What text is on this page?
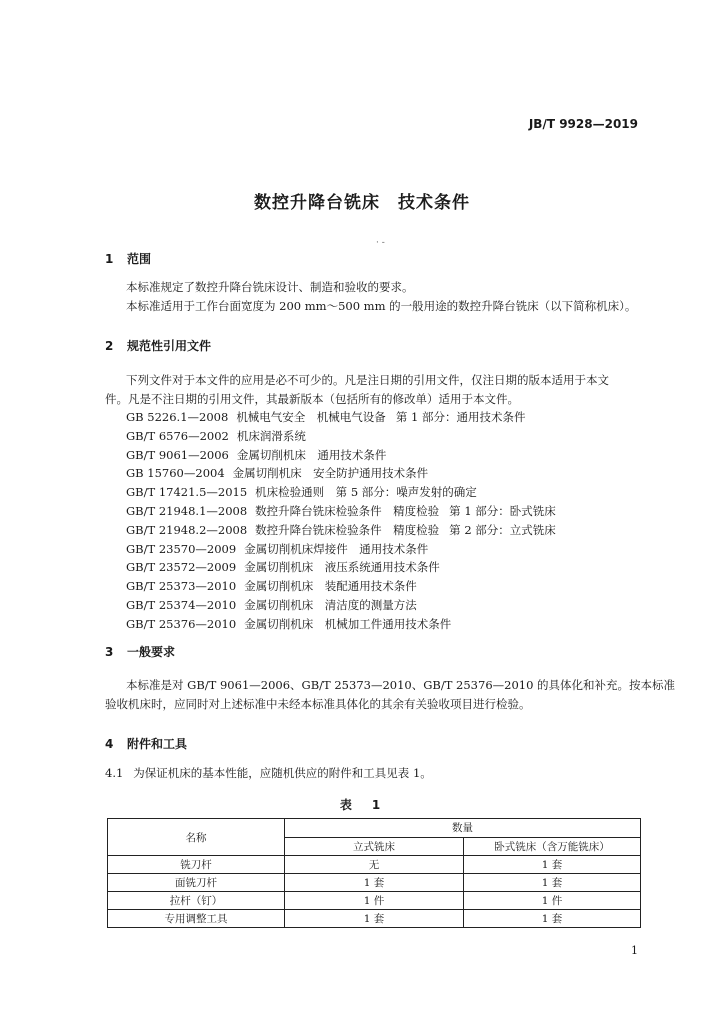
JB/T 9928—2019
数控升降台铣床　技术条件
· -
1 范围
本标准规定了数控升降台铣床设计、制造和验收的要求。
本标准适用于工作台面宽度为 200 mm～500 mm 的一般用途的数控升降台铣床（以下简称机床）。
2 规范性引用文件
下列文件对于本文件的应用是必不可少的。凡是注日期的引用文件，仅注日期的版本适用于本文
件。凡是不注日期的引用文件，其最新版本（包括所有的修改单）适用于本文件。
GB 5226.1—2008 机械电气安全　机械电气设备 第 1 部分：通用技术条件
GB/T 6576—2002 机床润滑系统
GB/T 9061—2006 金属切削机床　通用技术条件
GB 15760—2004 金属切削机床　安全防护通用技术条件
GB/T 17421.5—2015 机床检验通则　第 5 部分：噪声发射的确定
GB/T 21948.1—2008 数控升降台铣床检验条件　精度检验 第 1 部分：卧式铣床
GB/T 21948.2—2008 数控升降台铣床检验条件　精度检验 第 2 部分：立式铣床
GB/T 23570—2009 金属切削机床焊接件　通用技术条件
GB/T 23572—2009 金属切削机床　液压系统通用技术条件
GB/T 25373—2010 金属切削机床　装配通用技术条件
GB/T 25374—2010 金属切削机床　清洁度的测量方法
GB/T 25376—2010 金属切削机床　机械加工件通用技术条件
3 一般要求
本标准是对 GB/T 9061—2006、GB/T 25373—2010、GB/T 25376—2010 的具体化和补充。按本标准
验收机床时，应同时对上述标准中未经本标准具体化的其余有关验收项目进行检验。
4 附件和工具
4.1 为保证机床的基本性能，应随机供应的附件和工具见表 1。
表　1
名称	数量	
	立式铣床	卧式铣床（含万能铣床）
铣刀杆	无	1 套
面铣刀杆	1 套	1 套
拉杆（钉）	1 件	1 件
专用调整工具	1 套	1 套
1
